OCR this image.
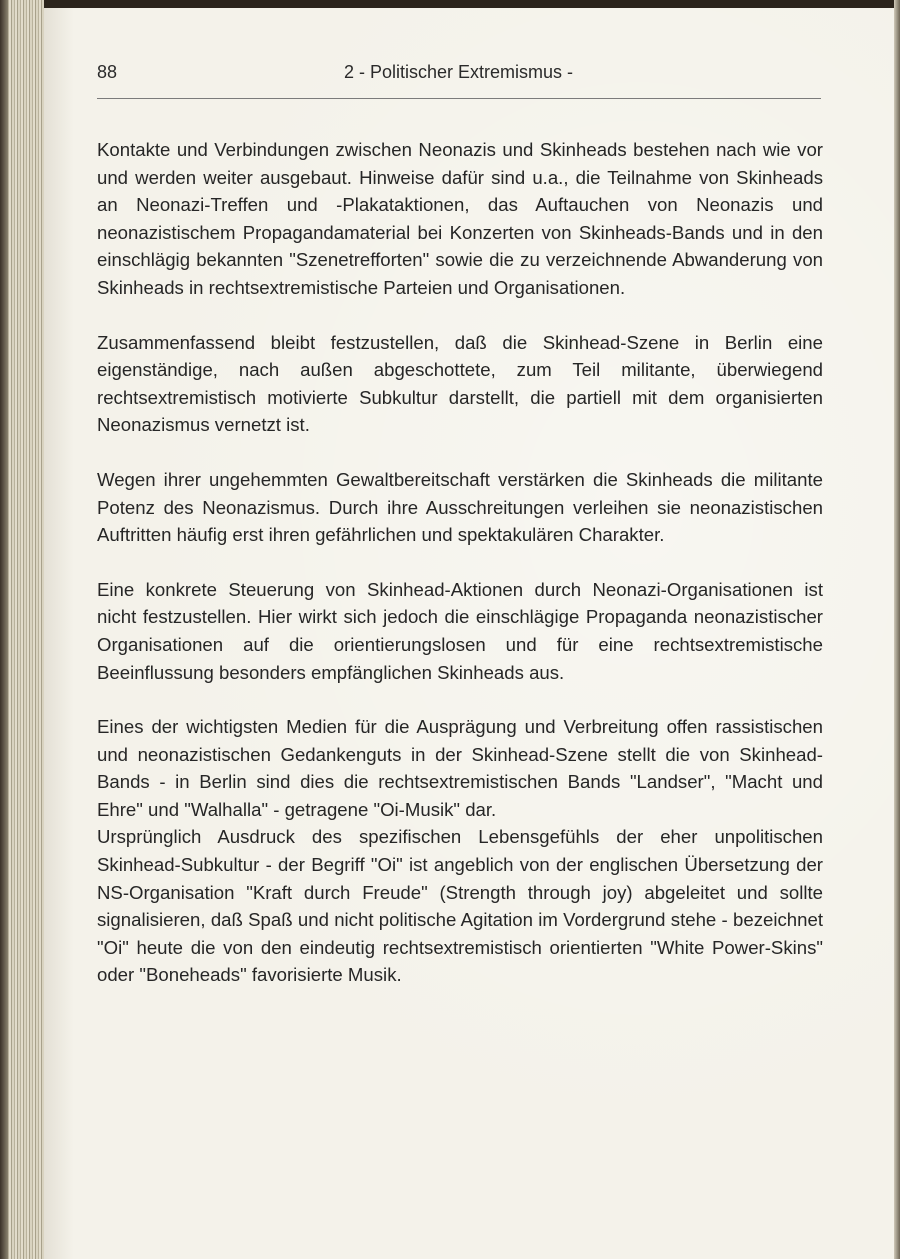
88	2 - Politischer Extremismus -

Kontakte und Verbindungen zwischen Neonazis und Skinheads bestehen nach wie vor und werden weiter ausgebaut. Hinweise dafür sind u.a., die Teilnahme von Skinheads an Neonazi-Treffen und -Plakataktionen, das Auftauchen von Neonazis und neonazistischem Propagandamaterial bei Konzerten von Skinheads-Bands und in den einschlägig bekannten "Szenetrefforten" sowie die zu verzeichnende Abwanderung von Skinheads in rechtsextremistische Parteien und Organisationen.

Zusammenfassend bleibt festzustellen, daß die Skinhead-Szene in Berlin eine eigenständige, nach außen abgeschottete, zum Teil militante, überwiegend rechtsextremistisch motivierte Subkultur darstellt, die partiell mit dem organisierten Neonazismus vernetzt ist.

Wegen ihrer ungehemmten Gewaltbereitschaft verstärken die Skinheads die militante Potenz des Neonazismus. Durch ihre Ausschreitungen verleihen sie neonazistischen Auftritten häufig erst ihren gefährlichen und spektakulären Charakter.

Eine konkrete Steuerung von Skinhead-Aktionen durch Neonazi-Organisationen ist nicht festzustellen. Hier wirkt sich jedoch die einschlägige Propaganda neonazistischer Organisationen auf die orientierungslosen und für eine rechtsextremistische Beeinflussung besonders empfänglichen Skinheads aus.

Eines der wichtigsten Medien für die Ausprägung und Verbreitung offen rassistischen und neonazistischen Gedankenguts in der Skinhead-Szene stellt die von Skinhead-Bands - in Berlin sind dies die rechtsextremistischen Bands "Landser", "Macht und Ehre" und "Walhalla" - getragene "Oi-Musik" dar.

Ursprünglich Ausdruck des spezifischen Lebensgefühls der eher unpolitischen Skinhead-Subkultur - der Begriff "Oi" ist angeblich von der englischen Übersetzung der NS-Organisation "Kraft durch Freude" (Strength through joy) abgeleitet und sollte signalisieren, daß Spaß und nicht politische Agitation im Vordergrund stehe - bezeichnet "Oi" heute die von den eindeutig rechtsextremistisch orientierten "White Power-Skins" oder "Boneheads" favorisierte Musik.
